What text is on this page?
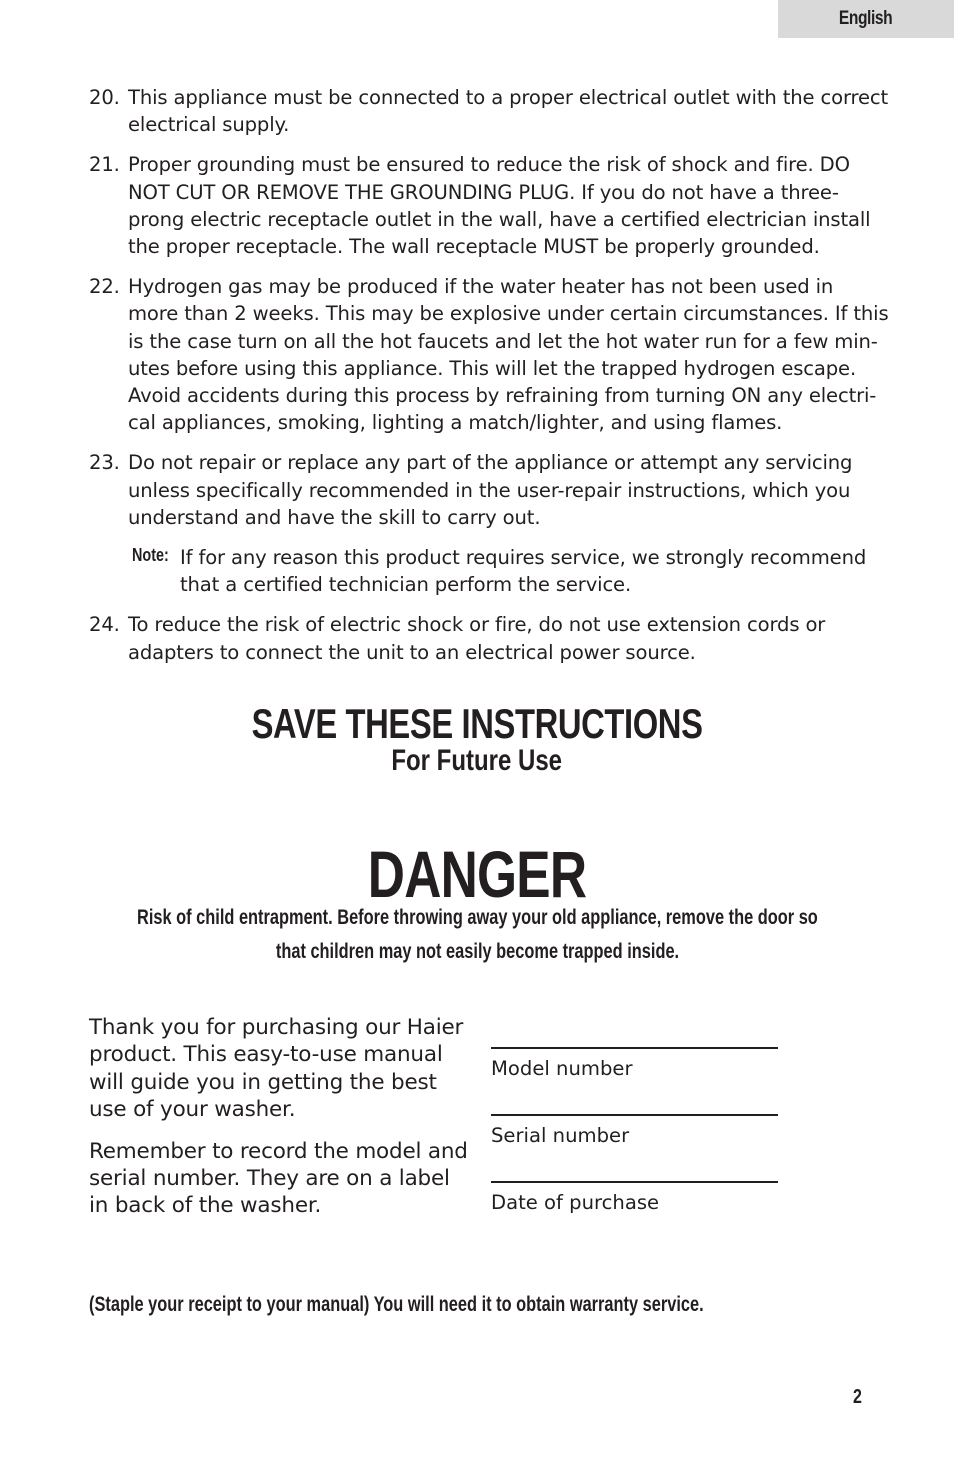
English
20. This appliance must be connected to a proper electrical outlet with the correct electrical supply.
21. Proper grounding must be ensured to reduce the risk of shock and fire. DO NOT CUT OR REMOVE THE GROUNDING PLUG. If you do not have a three-prong electric receptacle outlet in the wall, have a certified electrician install the proper receptacle. The wall receptacle MUST be properly grounded.
22. Hydrogen gas may be produced if the water heater has not been used in more than 2 weeks. This may be explosive under certain circumstances. If this is the case turn on all the hot faucets and let the hot water run for a few min-utes before using this appliance. This will let the trapped hydrogen escape. Avoid accidents during this process by refraining from turning ON any electri-cal appliances, smoking, lighting a match/lighter, and using flames.
23. Do not repair or replace any part of the appliance or attempt any servicing unless specifically recommended in the user-repair instructions, which you understand and have the skill to carry out.
Note: If for any reason this product requires service, we strongly recommend that a certified technician perform the service.
24. To reduce the risk of electric shock or fire, do not use extension cords or adapters to connect the unit to an electrical power source.
SAVE THESE INSTRUCTIONS
For Future Use
DANGER
Risk of child entrapment. Before throwing away your old appliance, remove the door so
that children may not easily become trapped inside.

Thank you for purchasing our Haier product. This easy-to-use manual will guide you in getting the best use of your washer.

Remember to record the model and serial number. They are on a label in back of the washer.

Model number
Serial number
Date of purchase
(Staple your receipt to your manual) You will need it to obtain warranty service.
2
